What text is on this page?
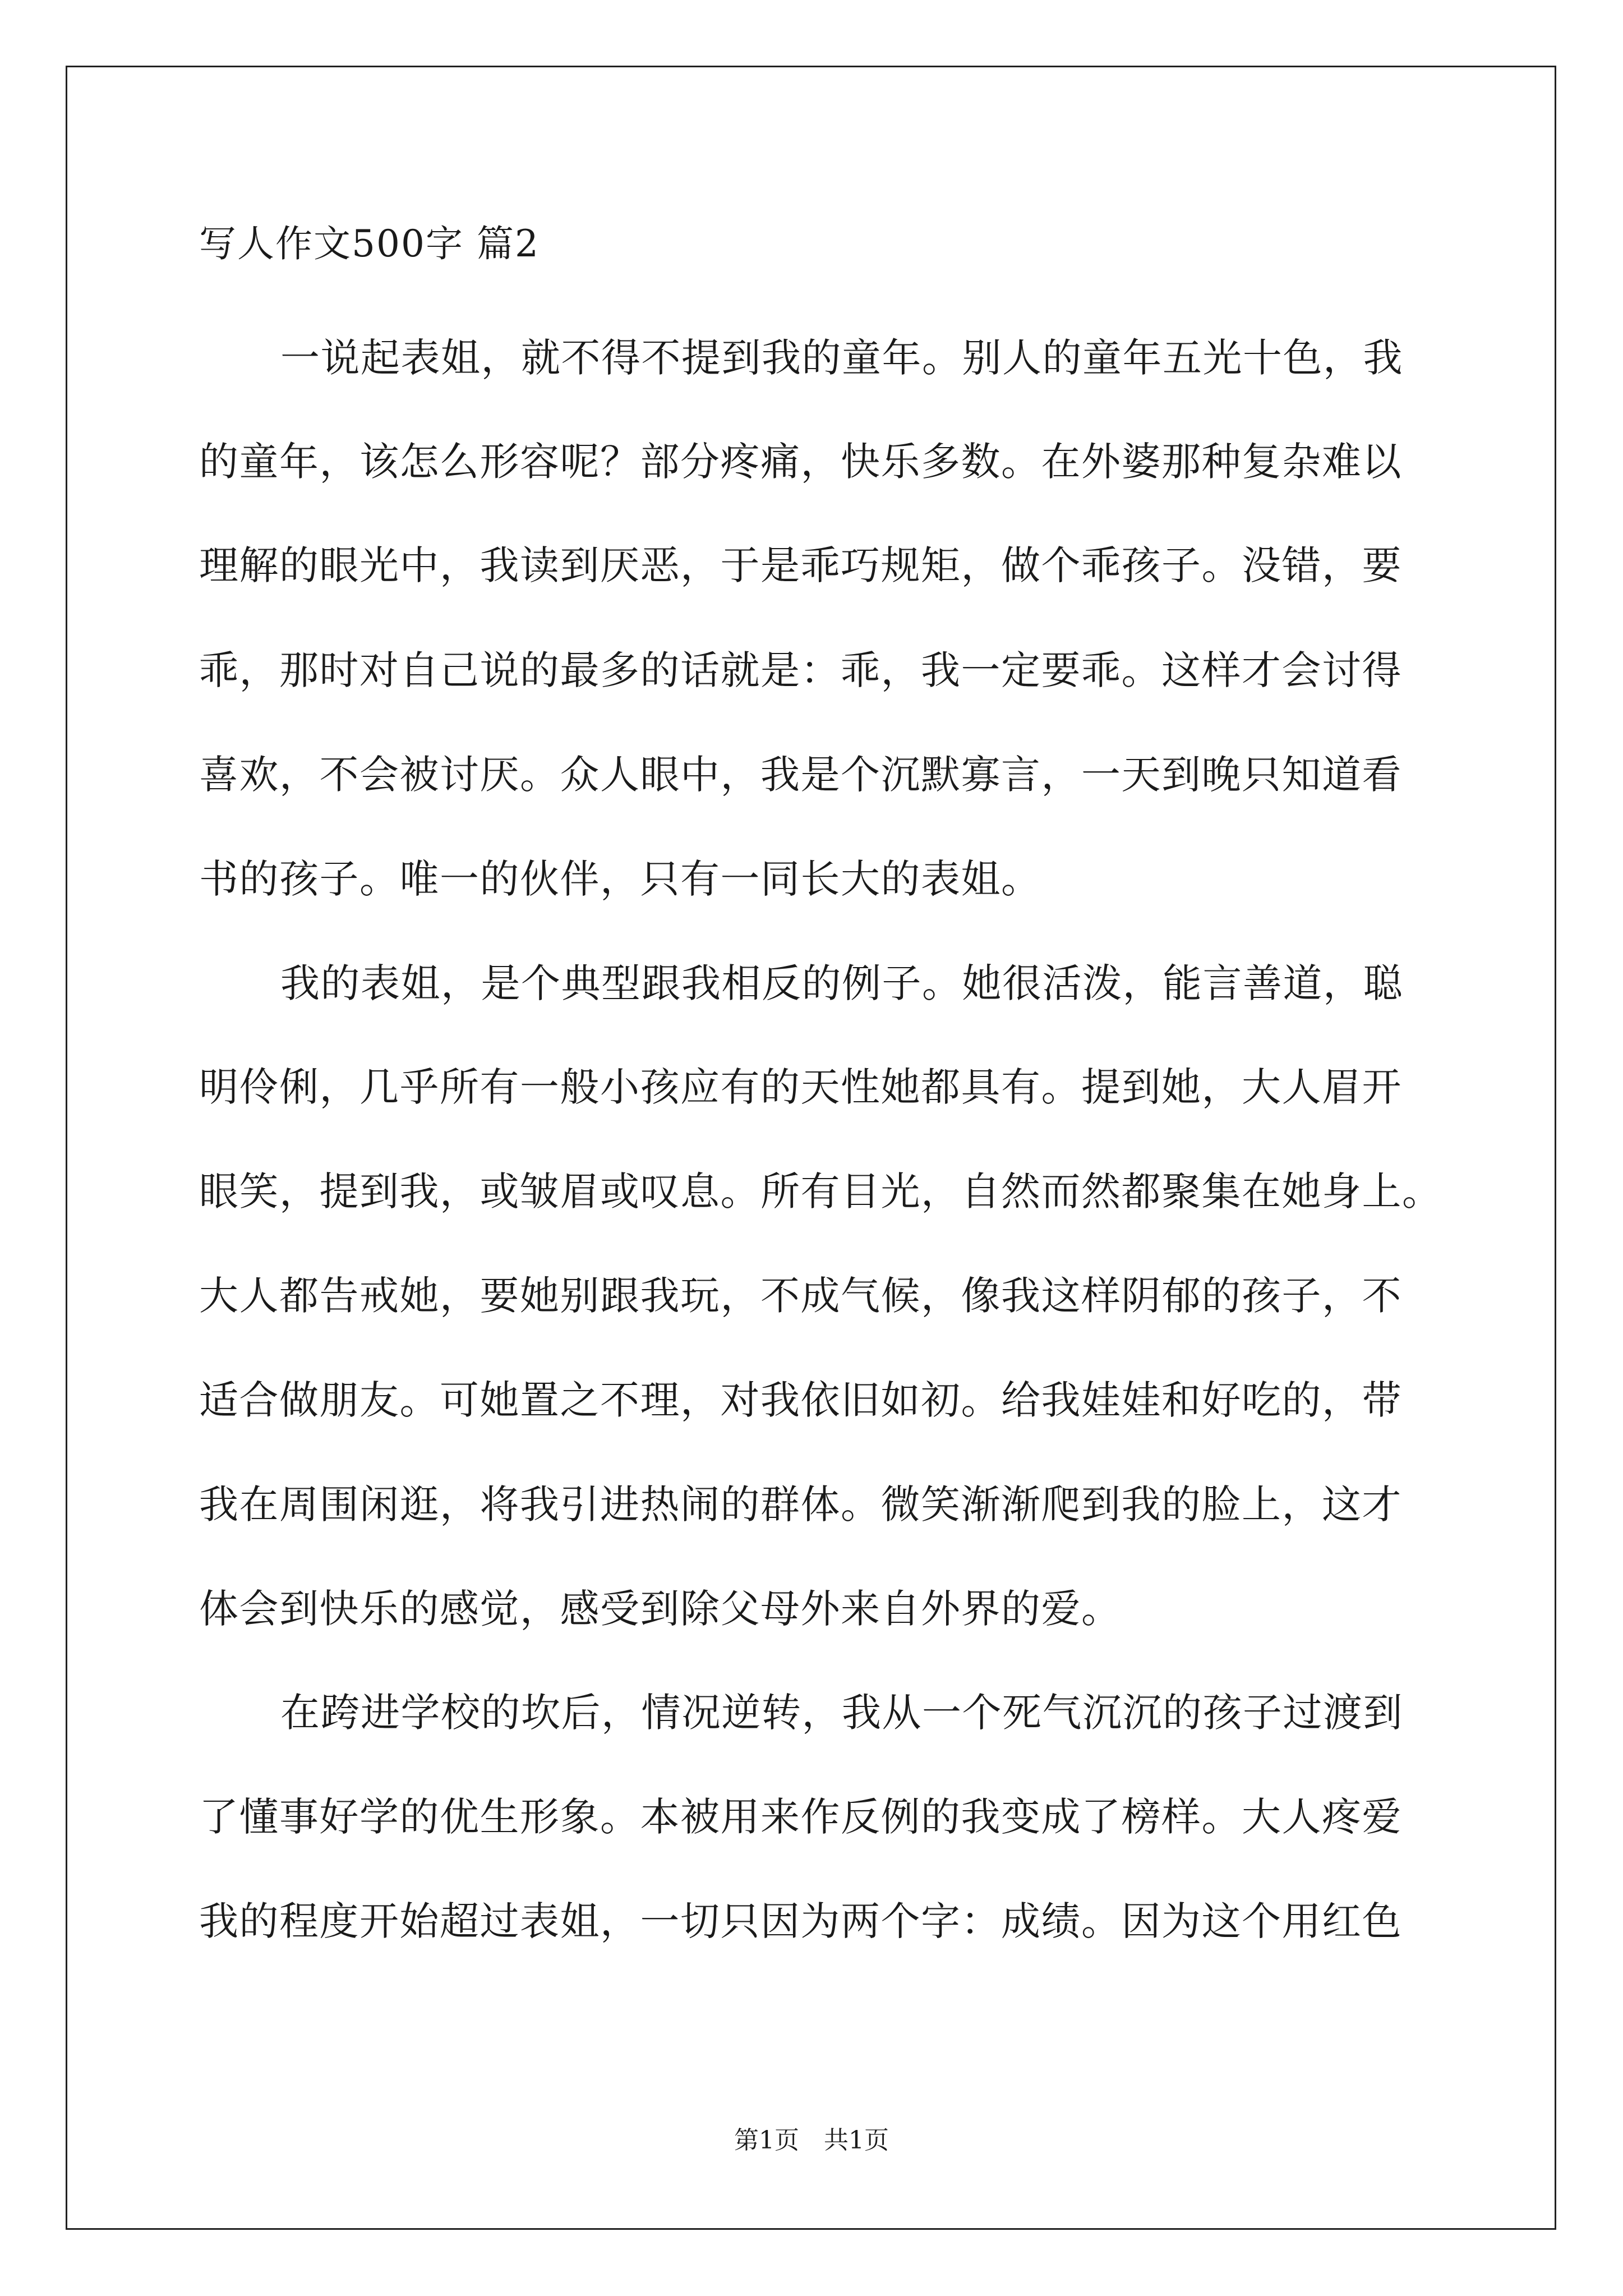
写人作文500字 篇2
一说起表姐，就不得不提到我的童年。别人的童年五光十色，我
的童年，该怎么形容呢？部分疼痛，快乐多数。在外婆那种复杂难以
理解的眼光中，我读到厌恶，于是乖巧规矩，做个乖孩子。没错，要
乖，那时对自己说的最多的话就是：乖，我一定要乖。这样才会讨得
喜欢，不会被讨厌。众人眼中，我是个沉默寡言，一天到晚只知道看
书的孩子。唯一的伙伴，只有一同长大的表姐。
我的表姐，是个典型跟我相反的例子。她很活泼，能言善道，聪
明伶俐，几乎所有一般小孩应有的天性她都具有。提到她，大人眉开
眼笑，提到我，或皱眉或叹息。所有目光，自然而然都聚集在她身上。
大人都告戒她，要她别跟我玩，不成气候，像我这样阴郁的孩子，不
适合做朋友。可她置之不理，对我依旧如初。给我娃娃和好吃的，带
我在周围闲逛，将我引进热闹的群体。微笑渐渐爬到我的脸上，这才
体会到快乐的感觉，感受到除父母外来自外界的爱。
在跨进学校的坎后，情况逆转，我从一个死气沉沉的孩子过渡到
了懂事好学的优生形象。本被用来作反例的我变成了榜样。大人疼爱
我的程度开始超过表姐，一切只因为两个字：成绩。因为这个用红色
第1页　共1页
